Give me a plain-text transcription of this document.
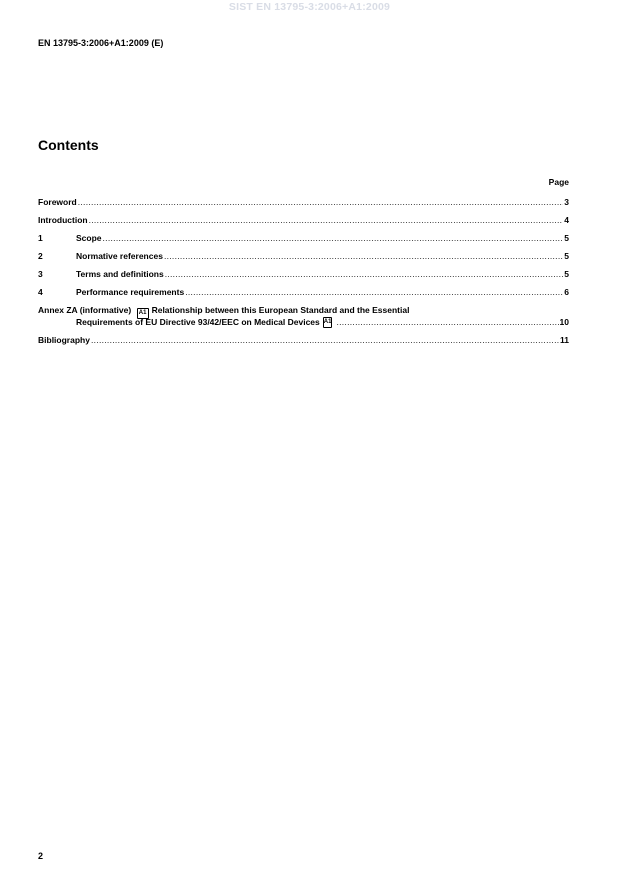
SIST EN 13795-3:2006+A1:2009
EN 13795-3:2006+A1:2009 (E)
Contents
Page
Foreword .....	3
Introduction .....	4
1	Scope .....	5
2	Normative references .....	5
3	Terms and definitions .....	5
4	Performance requirements .....	6
Annex ZA (informative) A1 Relationship between this European Standard and the Essential
Requirements of EU Directive 93/42/EEC on Medical Devices A1 .....	10
Bibliography .....	11
2
